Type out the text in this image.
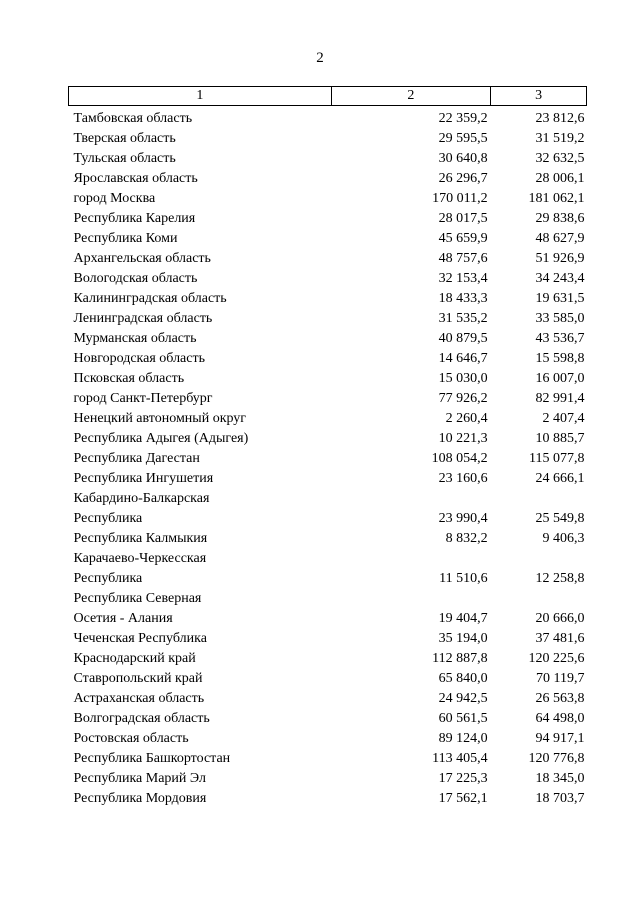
2
1	2	3
Тамбовская область	22 359,2	23 812,6
Тверская область	29 595,5	31 519,2
Тульская область	30 640,8	32 632,5
Ярославская область	26 296,7	28 006,1
город Москва	170 011,2	181 062,1
Республика Карелия	28 017,5	29 838,6
Республика Коми	45 659,9	48 627,9
Архангельская область	48 757,6	51 926,9
Вологодская область	32 153,4	34 243,4
Калининградская область	18 433,3	19 631,5
Ленинградская область	31 535,2	33 585,0
Мурманская область	40 879,5	43 536,7
Новгородская область	14 646,7	15 598,8
Псковская область	15 030,0	16 007,0
город Санкт-Петербург	77 926,2	82 991,4
Ненецкий автономный округ	2 260,4	2 407,4
Республика Адыгея (Адыгея)	10 221,3	10 885,7
Республика Дагестан	108 054,2	115 077,8
Республика Ингушетия	23 160,6	24 666,1
Кабардино-Балкарская		
Республика	23 990,4	25 549,8
Республика Калмыкия	8 832,2	9 406,3
Карачаево-Черкесская		
Республика	11 510,6	12 258,8
Республика Северная		
Осетия - Алания	19 404,7	20 666,0
Чеченская Республика	35 194,0	37 481,6
Краснодарский край	112 887,8	120 225,6
Ставропольский край	65 840,0	70 119,7
Астраханская область	24 942,5	26 563,8
Волгоградская область	60 561,5	64 498,0
Ростовская область	89 124,0	94 917,1
Республика Башкортостан	113 405,4	120 776,8
Республика Марий Эл	17 225,3	18 345,0
Республика Мордовия	17 562,1	18 703,7
